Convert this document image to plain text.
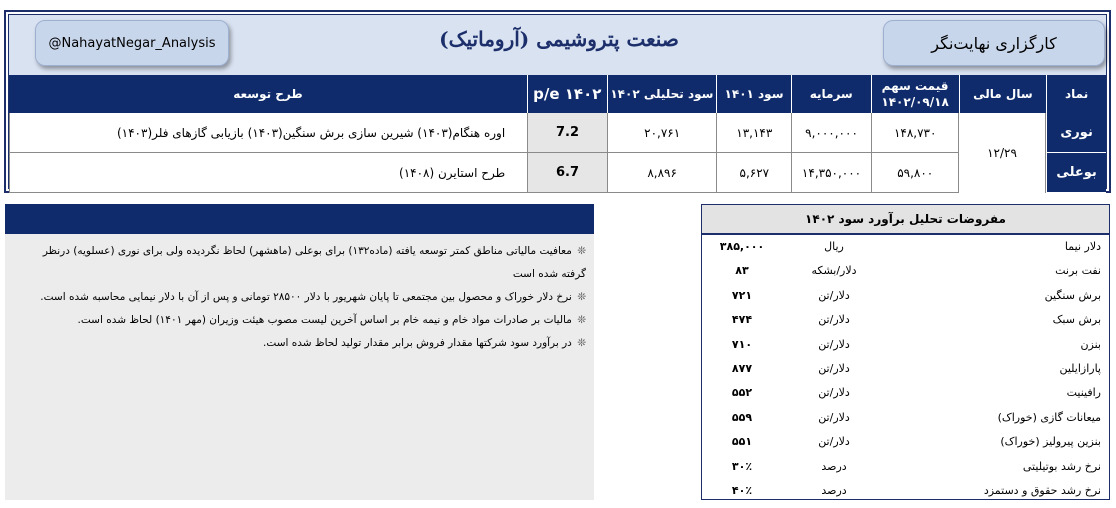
@NahayatNegar_Analysis	صنعت پتروشیمی (آروماتیک)	کارگزاری نهایت‌نگر
نماد
سال مالی
قیمت سهم ۱۴۰۲/۰۹/۱۸
سرمایه
سود ۱۴۰۱
سود تحلیلی ۱۴۰۲
p/e ۱۴۰۲
طرح توسعه
نوری
۱۴۸,۷۳۰
۹,۰۰۰,۰۰۰
۱۳,۱۴۳
۲۰,۷۶۱
7.2
اوره هنگام(۱۴۰۳) شیرین سازی برش سنگین(۱۴۰۳) بازیابی گازهای فلر(۱۴۰۳)
بوعلی
۵۹,۸۰۰
۱۴,۳۵۰,۰۰۰
۵,۶۲۷
۸,۸۹۶
6.7
طرح استایرن (۱۴۰۸)
۱۲/۲۹
❊ معافیت مالیاتی مناطق کمتر توسعه یافته (ماده۱۳۲) برای بوعلی (ماهشهر) لحاظ نگردیده ولی برای نوری (عسلویه) درنظر گرفته شده است
❊ نرخ دلار خوراک و محصول بین مجتمعی تا پایان شهریور با دلار ۲۸۵۰۰ تومانی و پس از آن با دلار نیمایی محاسبه شده است.
❊ مالیات بر صادرات مواد خام و نیمه خام بر اساس آخرین لیست مصوب هیئت وزیران (مهر ۱۴۰۱) لحاظ شده است.
❊ در برآورد سود شرکتها مقدار فروش برابر مقدار تولید لحاظ شده است.
مفروضات تحلیل برآورد سود ۱۴۰۲
دلار نیما
ریال
۳۸۵,۰۰۰
نفت برنت
دلار/بشکه
۸۳
برش سنگین
دلار/تن
۷۲۱
برش سبک
دلار/تن
۴۷۴
بنزن
دلار/تن
۷۱۰
پارازایلین
دلار/تن
۸۷۷
رافینیت
دلار/تن
۵۵۲
میعانات گازی (خوراک)
دلار/تن
۵۵۹
بنزین پیرولیز (خوراک)
دلار/تن
۵۵۱
نرخ رشد بوتیلیتی
درصد
۳۰٪
نرخ رشد حقوق و دستمزد
درصد
۴۰٪
